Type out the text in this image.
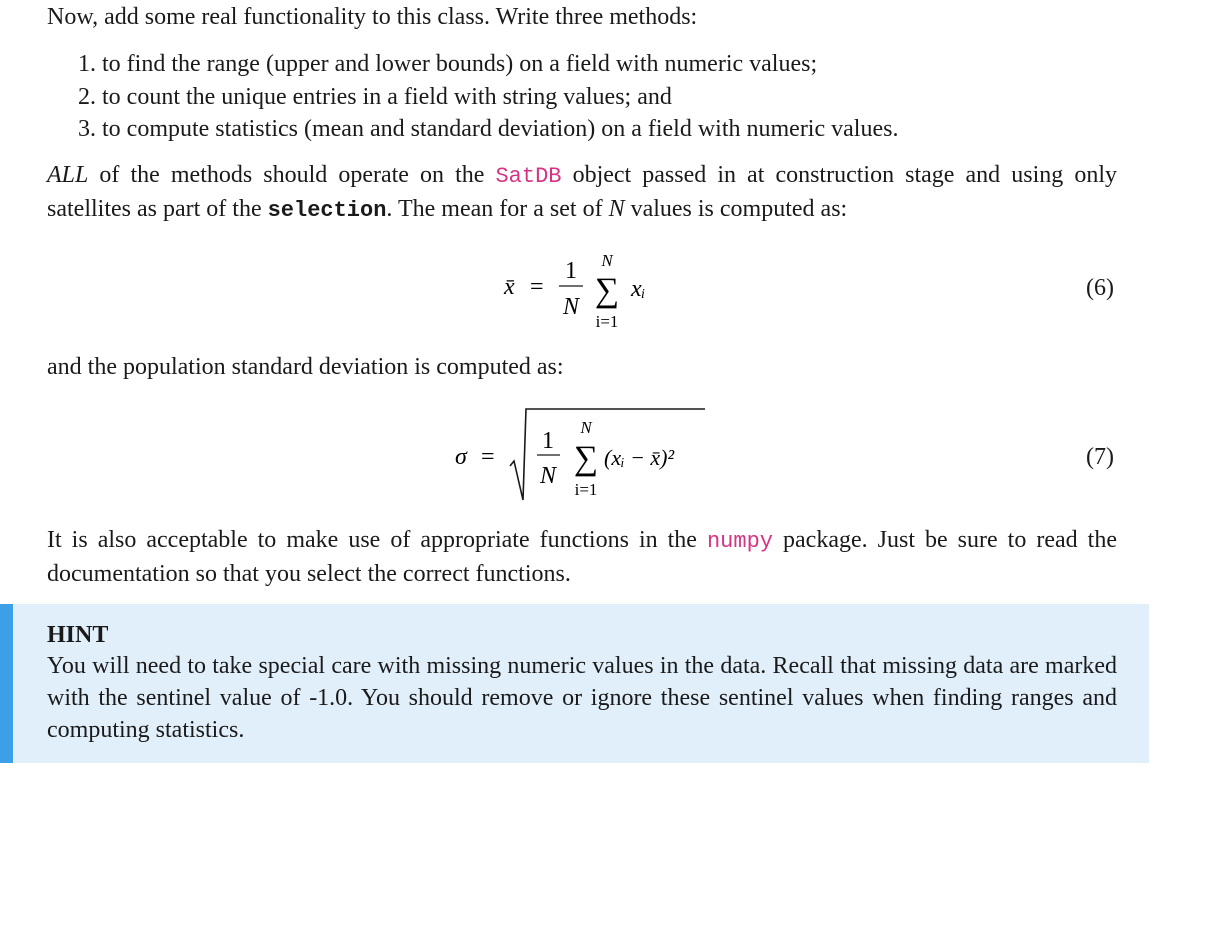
Now, add some real functionality to this class. Write three methods:

1. to find the range (upper and lower bounds) on a field with numeric values;
2. to count the unique entries in a field with string values; and
3. to compute statistics (mean and standard deviation) on a field with numeric values.

ALL of the methods should operate on the SatDB object passed in at construction stage and using only satellites as part of the selection. The mean for a set of N values is computed as:

x̄ =
1
N
N
∑
i=1
xᵢ	(6)

and the population standard deviation is computed as:

σ =
1
N
N
∑
i=1
(xᵢ − x̄)²	(7)

It is also acceptable to make use of appropriate functions in the numpy package. Just be sure to read the documentation so that you select the correct functions.

HINT

You will need to take special care with missing numeric values in the data. Recall that missing data are marked with the sentinel value of -1.0. You should remove or ignore these sentinel values when finding ranges and computing statistics.
